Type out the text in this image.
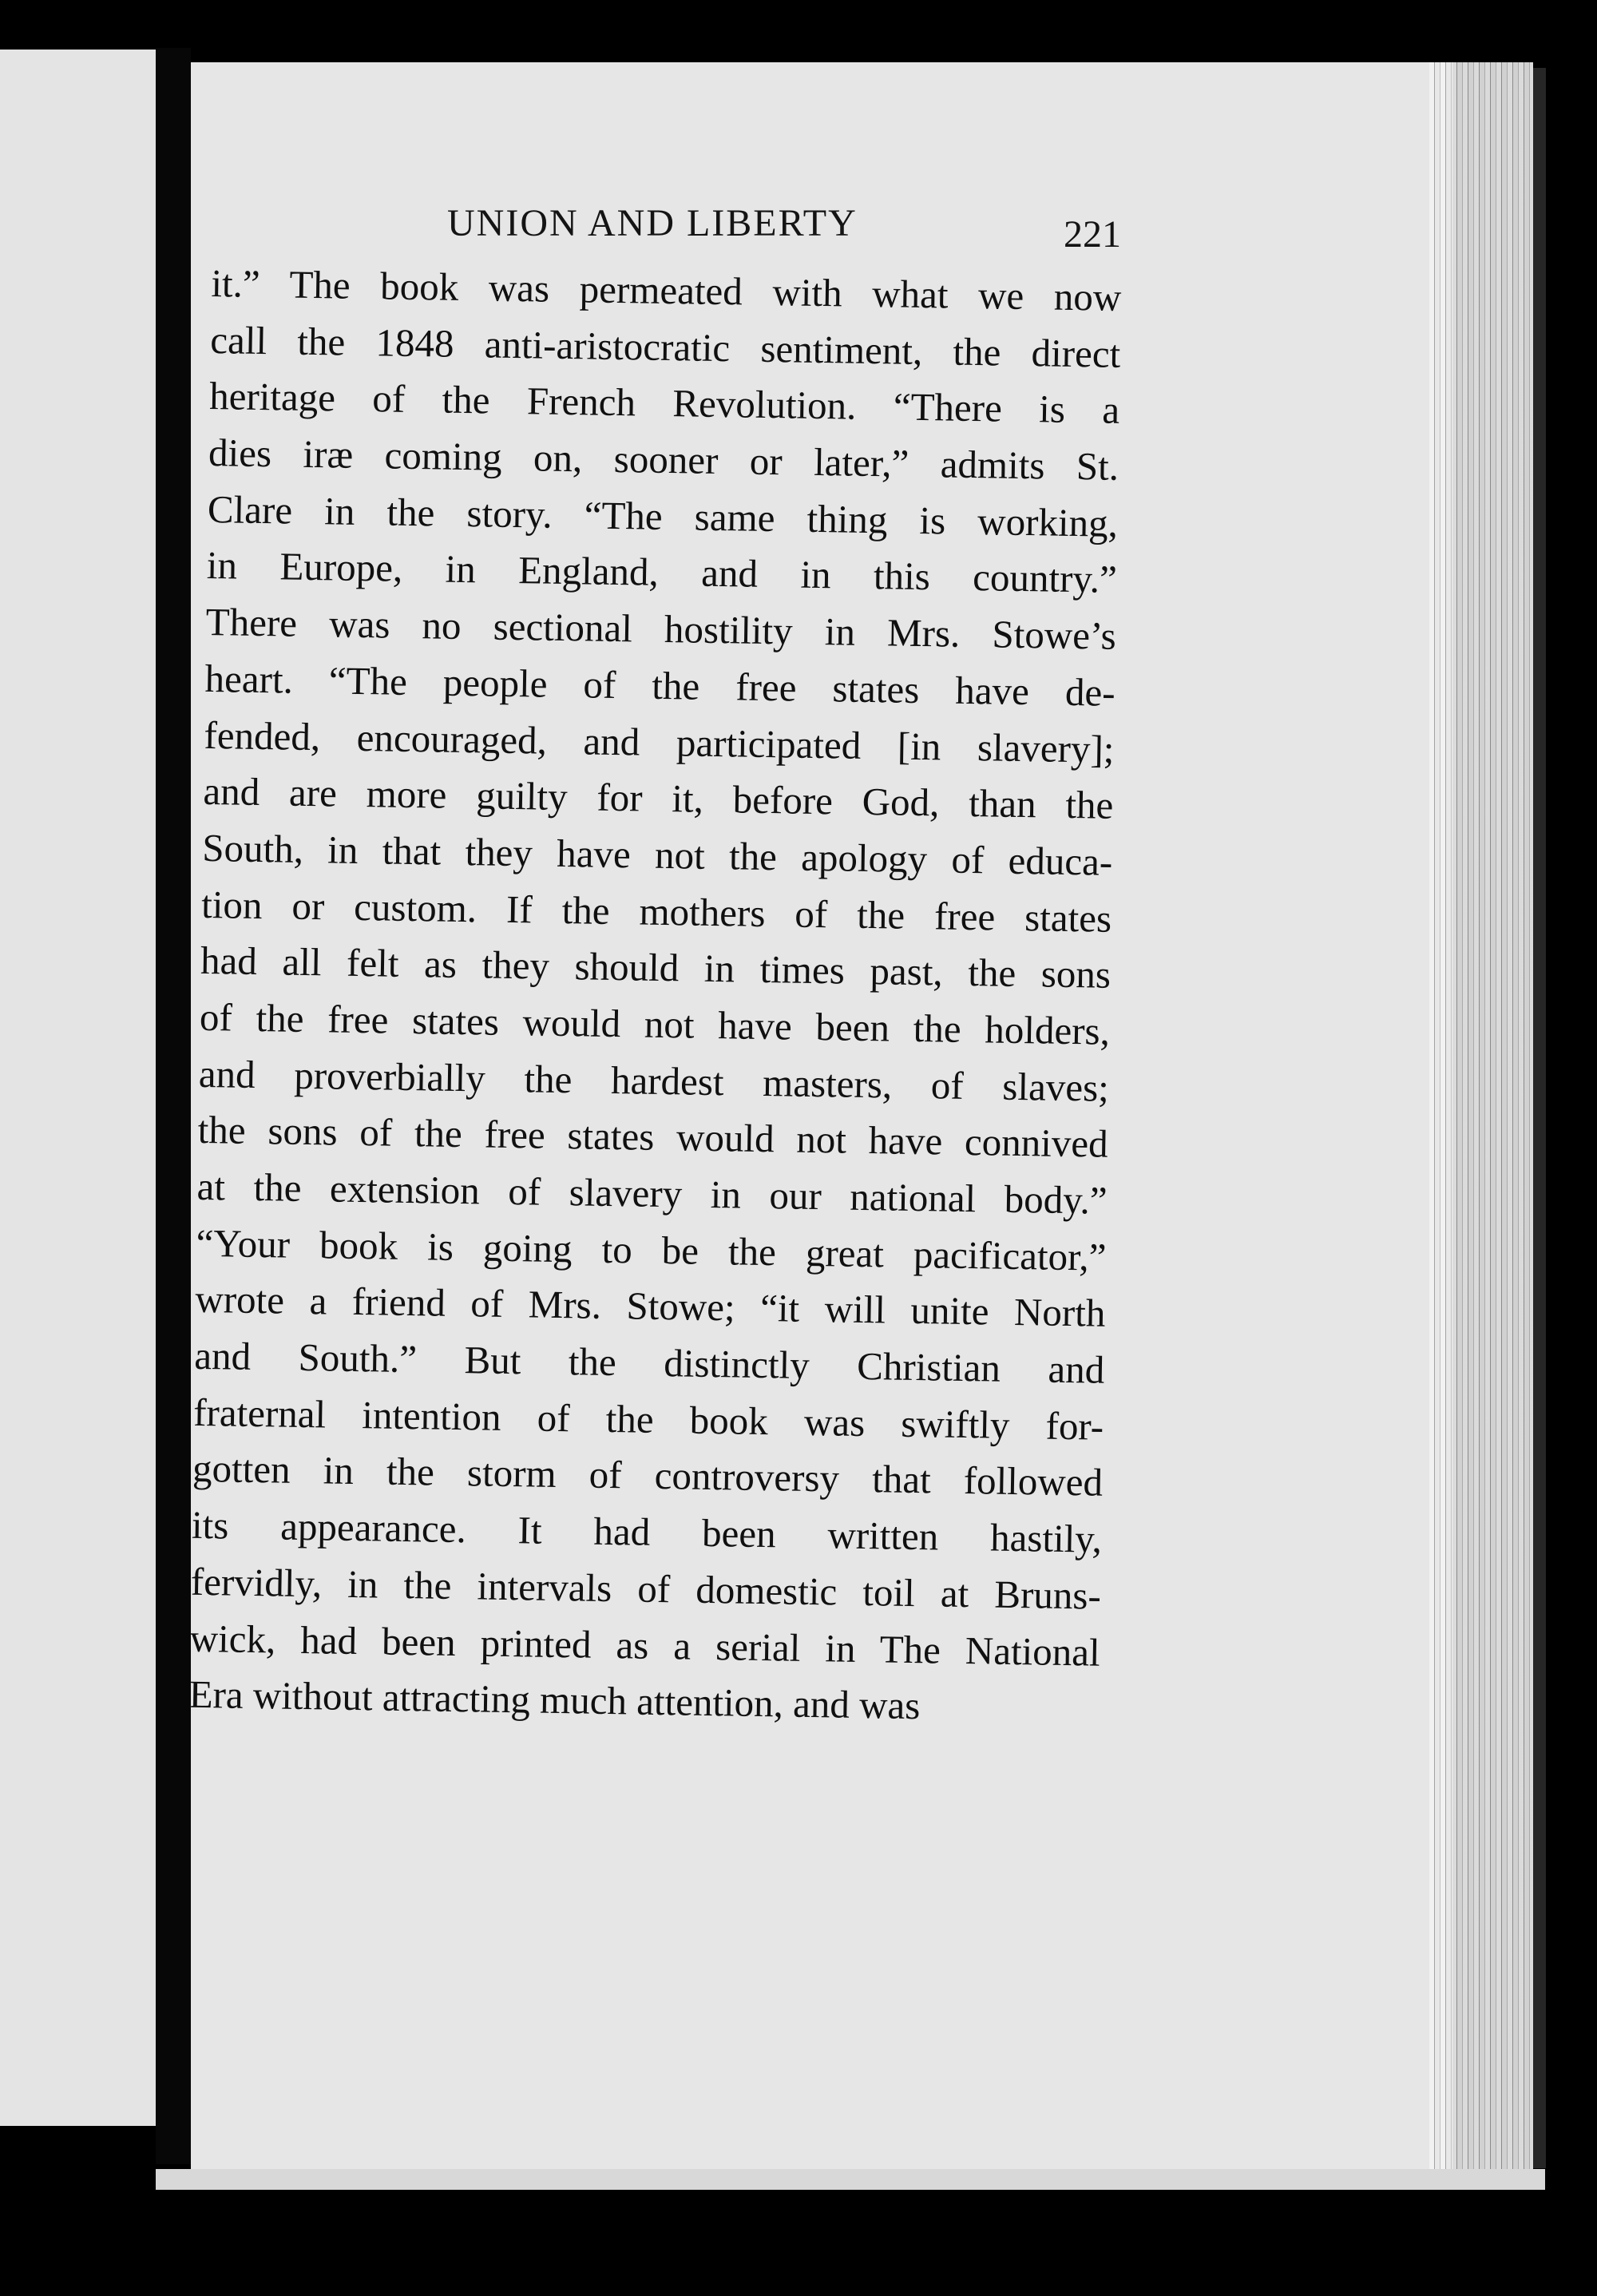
UNION AND LIBERTY	221
it.” The book was permeated with what we now
call the 1848 anti-aristocratic sentiment, the direct
heritage of the French Revolution. “There is a
dies iræ coming on, sooner or later,” admits St.
Clare in the story. “The same thing is working,
in Europe, in England, and in this country.”
There was no sectional hostility in Mrs. Stowe’s
heart. “The people of the free states have de-
fended, encouraged, and participated [in slavery];
and are more guilty for it, before God, than the
South, in that they have not the apology of educa-
tion or custom. If the mothers of the free states
had all felt as they should in times past, the sons
of the free states would not have been the holders,
and proverbially the hardest masters, of slaves;
the sons of the free states would not have connived
at the extension of slavery in our national body.”
“Your book is going to be the great pacificator,”
wrote a friend of Mrs. Stowe; “it will unite North
and South.” But the distinctly Christian and
fraternal intention of the book was swiftly for-
gotten in the storm of controversy that followed
its appearance. It had been written hastily,
fervidly, in the intervals of domestic toil at Bruns-
wick, had been printed as a serial in The National
Era without attracting much attention, and was
